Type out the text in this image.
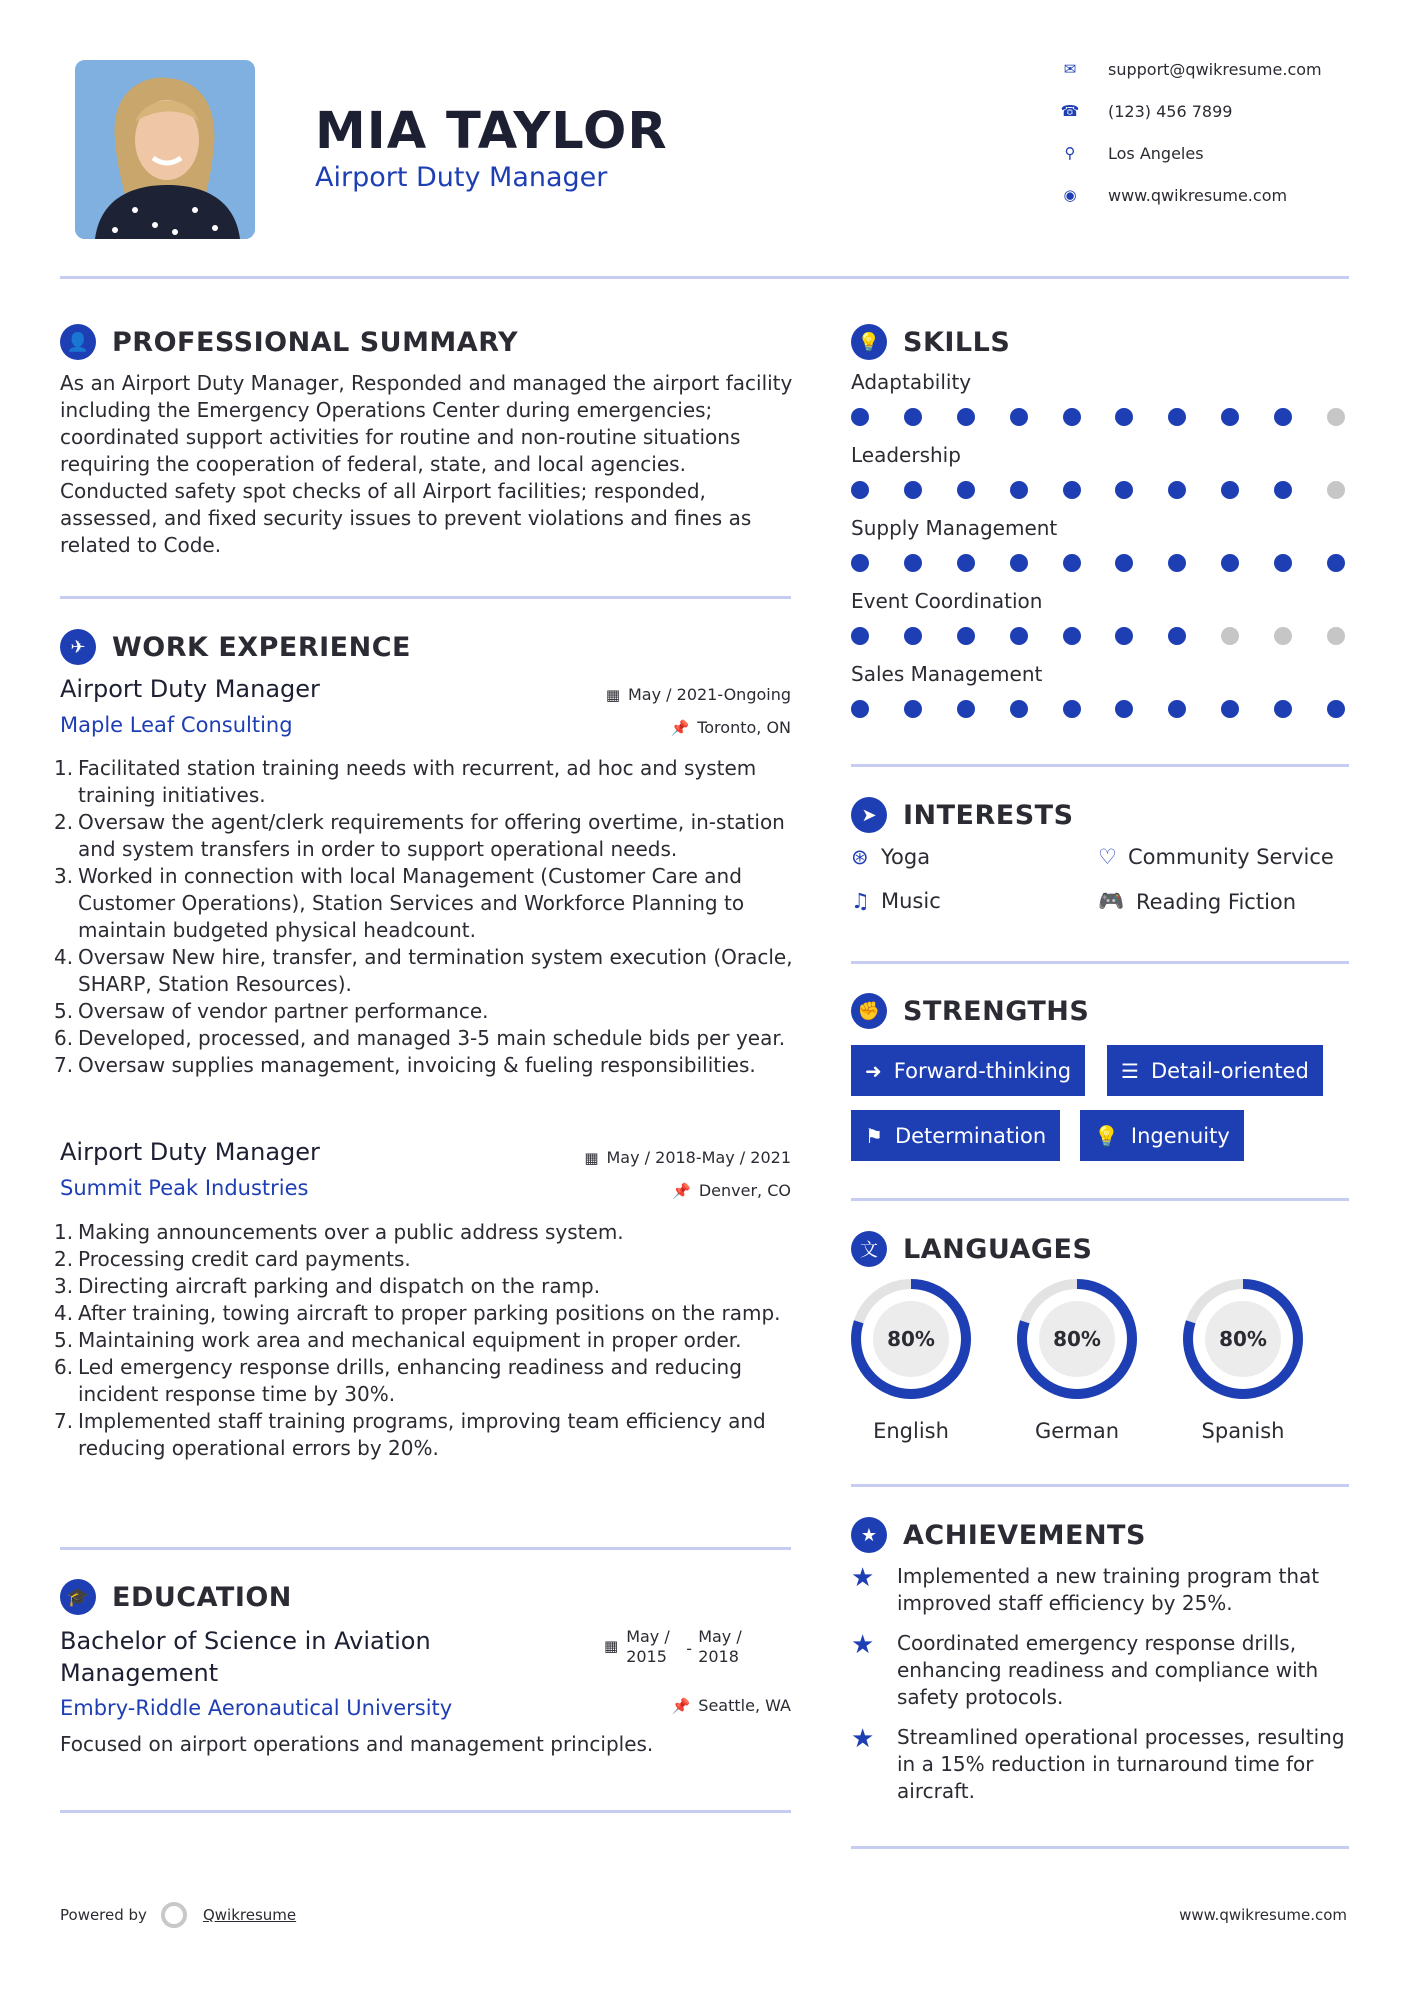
MIA TAYLOR
Airport Duty Manager
✉	support@qwikresume.com
☎	(123) 456 7899
⚲	Los Angeles
◉	www.qwikresume.com
👤 PROFESSIONAL SUMMARY
As an Airport Duty Manager, Responded and managed the airport facility including the Emergency Operations Center during emergencies; coordinated support activities for routine and non-routine situations requiring the cooperation of federal, state, and local agencies. Conducted safety spot checks of all Airport facilities; responded, assessed, and fixed security issues to prevent violations and fines as related to Code.
✈ WORK EXPERIENCE
Airport Duty Manager	▦ May / 2021-Ongoing
Maple Leaf Consulting	📌 Toronto, ON
1. Facilitated station training needs with recurrent, ad hoc and system training initiatives.
2. Oversaw the agent/clerk requirements for offering overtime, in-station and system transfers in order to support operational needs.
3. Worked in connection with local Management (Customer Care and Customer Operations), Station Services and Workforce Planning to maintain budgeted physical headcount.
4. Oversaw New hire, transfer, and termination system execution (Oracle, SHARP, Station Resources).
5. Oversaw of vendor partner performance.
6. Developed, processed, and managed 3-5 main schedule bids per year.
7. Oversaw supplies management, invoicing & fueling responsibilities.
Airport Duty Manager	▦ May / 2018-May / 2021
Summit Peak Industries	📌 Denver, CO
1. Making announcements over a public address system.
2. Processing credit card payments.
3. Directing aircraft parking and dispatch on the ramp.
4. After training, towing aircraft to proper parking positions on the ramp.
5. Maintaining work area and mechanical equipment in proper order.
6. Led emergency response drills, enhancing readiness and reducing incident response time by 30%.
7. Implemented staff training programs, improving team efficiency and reducing operational errors by 20%.
🎓 EDUCATION
Bachelor of Science in Aviation Management
▦ May / 2015	-
May / 2018
Embry-Riddle Aeronautical University	📌 Seattle, WA
Focused on airport operations and management principles.
💡 SKILLS
Adaptability
Leadership
Supply Management
Event Coordination
Sales Management
➤ INTERESTS
⊛ Yoga	♡ Community Service
♫ Music	🎮 Reading Fiction
✊ STRENGTHS
➜ Forward-thinking ☰ Detail-oriented
⚑ Determination 💡 Ingenuity
文 LANGUAGES
80%
English
80%
German
80%
Spanish
★ ACHIEVEMENTS
★	Implemented a new training program that improved staff efficiency by 25%.
★	Coordinated emergency response drills, enhancing readiness and compliance with safety protocols.
★	Streamlined operational processes, resulting in a 15% reduction in turnaround time for aircraft.
Powered by	Qwikresume	www.qwikresume.com
